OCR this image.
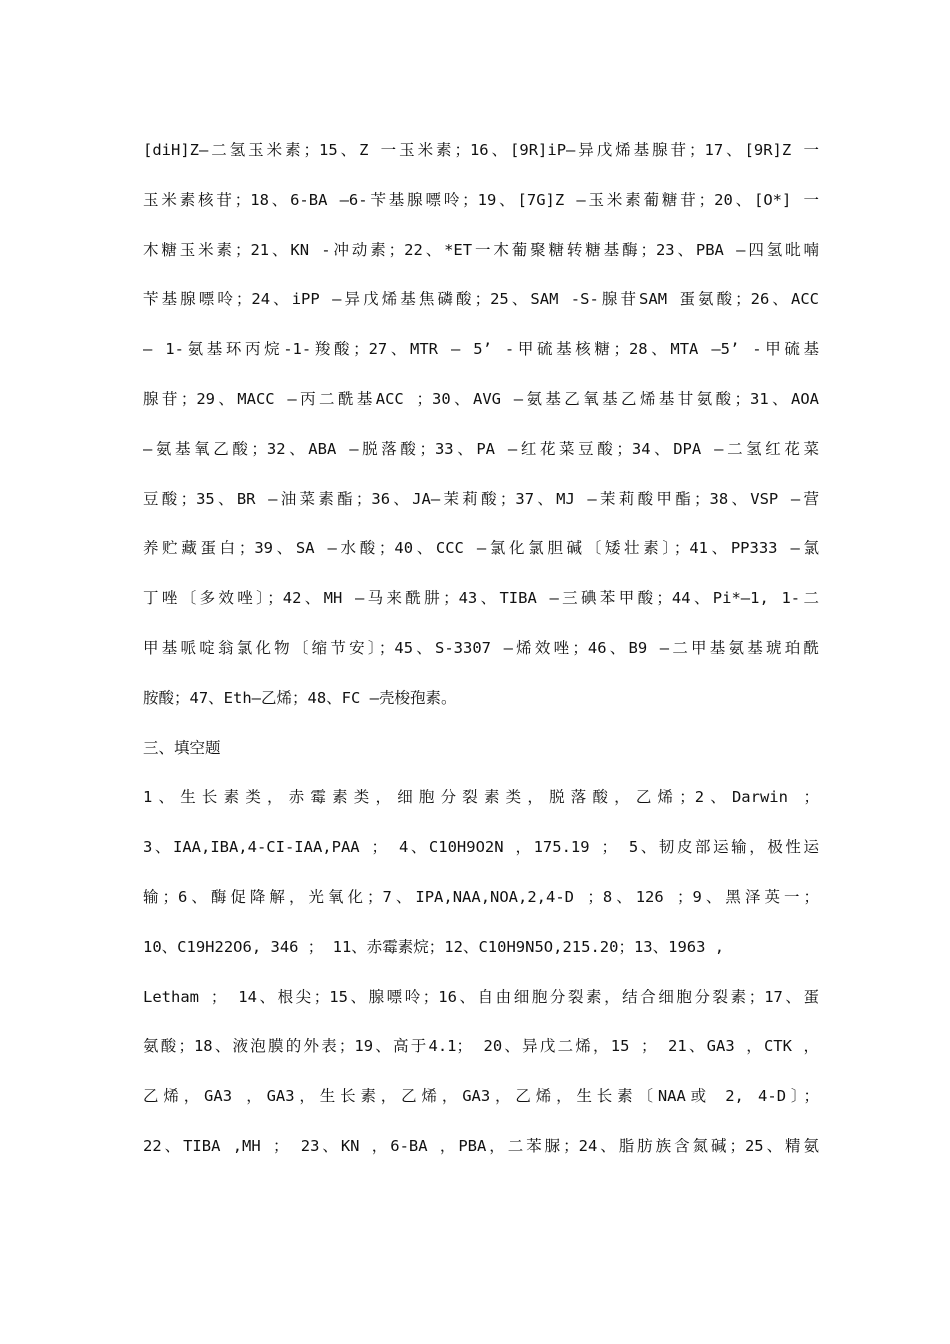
[diH]Z—二氢玉米素；15、Z 一玉米素；16、[9R]iP—异戊烯基腺苷；17、[9R]Z 一
玉米素核苷；18、6-BA —6-苄基腺嘌呤；19、[7G]Z —玉米素葡糖苷；20、[O*] 一
木糖玉米素；21、KN -冲动素；22、*ET一木葡聚糖转糖基酶；23、PBA —四氢吡喃
苄基腺嘌呤；24、iPP —异戊烯基焦磷酸；25、SAM -S-腺苷SAM 蛋氨酸；26、ACC
— 1-氨基环丙烷-1-羧酸；27、MTR — 5’ -甲硫基核糖；28、MTA —5’ -甲硫基
腺苷；29、MACC —丙二酰基ACC ；30、AVG —氨基乙氧基乙烯基甘氨酸；31、AOA
—氨基氧乙酸；32、ABA —脱落酸；33、PA —红花菜豆酸；34、DPA —二氢红花菜
豆酸；35、BR —油菜素酯；36、JA—茉莉酸；37、MJ —茉莉酸甲酯；38、VSP —营
养贮藏蛋白；39、SA —水酸；40、CCC —氯化氯胆碱〔矮壮素〕；41、PP333 —氯
丁唑〔多效唑〕；42、MH —马来酰肼；43、TIBA —三碘苯甲酸；44、Pi*—1, 1-二
甲基哌啶翁氯化物〔缩节安〕；45、S-3307 —烯效唑；46、B9 —二甲基氨基琥珀酰
胺酸；47、Eth—乙烯；48、FC —壳梭孢素。
三、填空题
1、生长素类，赤霉素类，细胞分裂素类，脱落酸，乙烯；2、Darwin ；
3、IAA,IBA,4-CI-IAA,PAA ； 4、C10H9O2N ，175.19 ； 5、韧皮部运输，极性运
输；6、酶促降解，光氧化；7、IPA,NAA,NOA,2,4-D ；8、126 ；9、黑泽英一；
10、C19H22O6, 346 ； 11、赤霉素烷；12、C10H9N5O,215.20；13、1963 ,
Letham ； 14、根尖；15、腺嘌呤；16、自由细胞分裂素，结合细胞分裂素；17、蛋
氨酸；18、液泡膜的外表；19、高于4.1； 20、异戊二烯，15 ； 21、GA3 ，CTK ，
乙烯，GA3 ，GA3，生长素，乙烯，GA3，乙烯，生长素〔NAA或 2, 4-D〕；
22、TIBA ,MH ； 23、KN ，6-BA ，PBA，二苯脲；24、脂肪族含氮碱；25、精氨
